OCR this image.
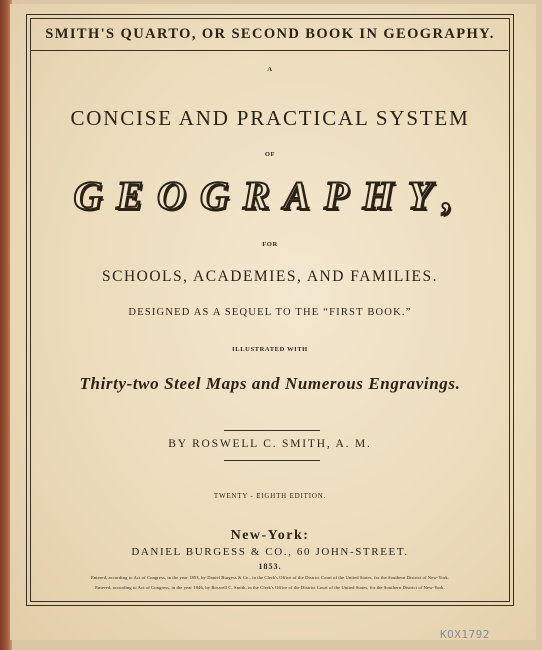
SMITH'S QUARTO, OR SECOND BOOK IN GEOGRAPHY.
A
CONCISE AND PRACTICAL SYSTEM
OF
GEOGRAPHY,
FOR
SCHOOLS, ACADEMIES, AND FAMILIES.
DESIGNED AS A SEQUEL TO THE “FIRST BOOK.”
ILLUSTRATED WITH
Thirty-two Steel Maps and Numerous Engravings.
BY ROSWELL C. SMITH, A. M.
TWENTY - EIGHTH EDITION.
New-York:
DANIEL BURGESS & CO., 60 JOHN-STREET.
1853.
Entered, according to Act of Congress, in the year 1853, by Daniel Burgess & Co., in the Clerk's Office of the District Court of the United States, for the Southern District of New-York.
Entered, according to Act of Congress, in the year 1846, by Roswell C. Smith, in the Clerk's Office of the District Court of the United States, for the Southern District of New-York.
KOX1792
